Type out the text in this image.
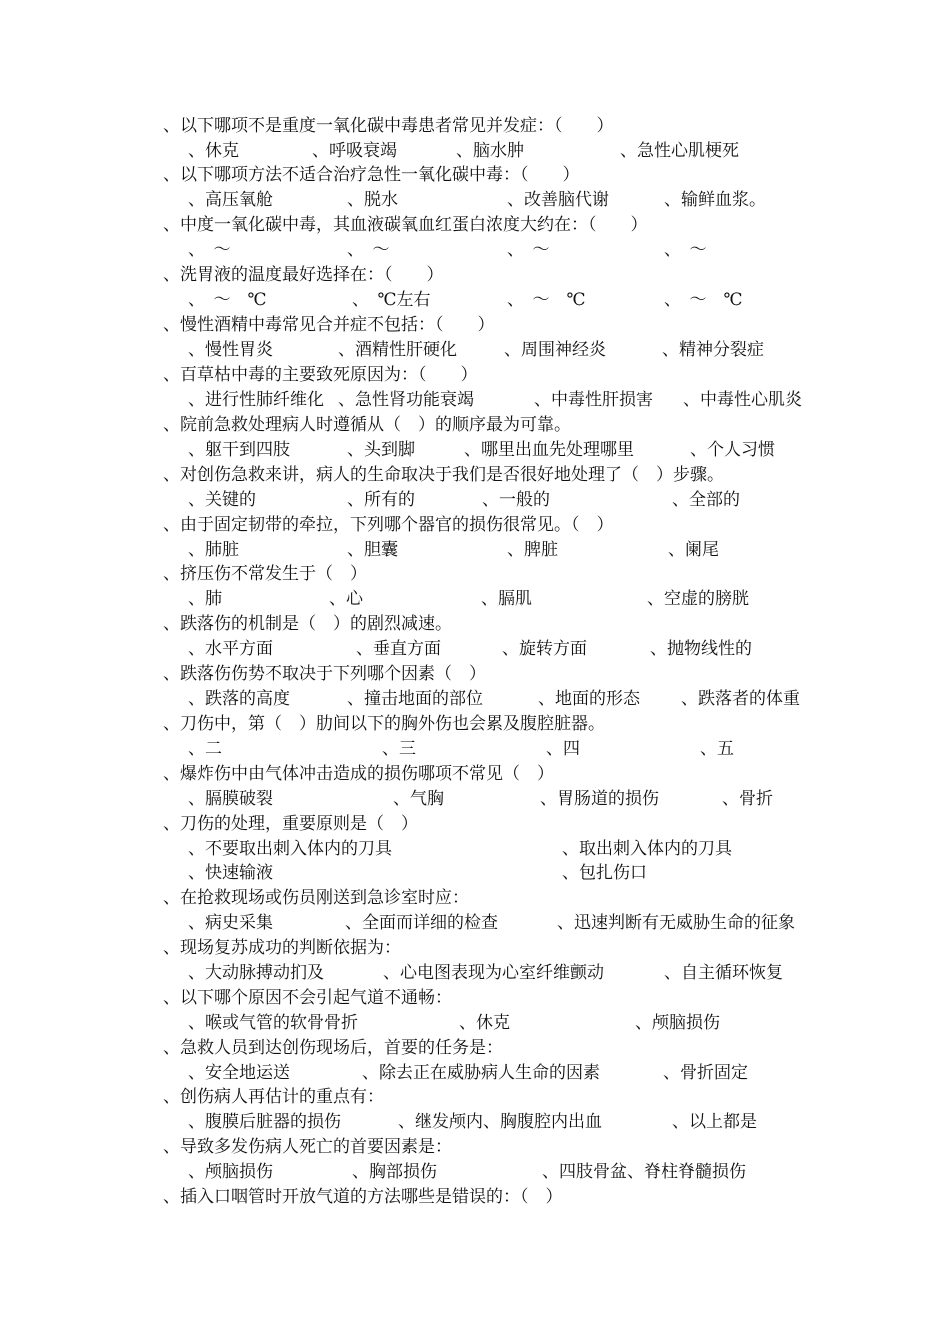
、以下哪项不是重度一氧化碳中毒患者常见并发症：（　　）
、休克	、呼吸衰竭	、脑水肿	、急性心肌梗死
、以下哪项方法不适合治疗急性一氧化碳中毒：（　　）
、高压氧舱	、脱水	、改善脑代谢	、输鲜血浆。
、中度一氧化碳中毒，其血液碳氧血红蛋白浓度大约在：（　　）
、　～	、　～	、　～	、　～
、洗胃液的温度最好选择在：（　　）
、　～　℃	、　℃左右	、　～　℃	、　～　℃
、慢性酒精中毒常见合并症不包括：（　　）
、慢性胃炎	、酒精性肝硬化	、周围神经炎	、精神分裂症
、百草枯中毒的主要致死原因为：（　　）
、进行性肺纤维化 、急性肾功能衰竭	、中毒性肝损害 、中毒性心肌炎
、院前急救处理病人时遵循从（　）的顺序最为可靠。
、躯干到四肢	、头到脚	、哪里出血先处理哪里	、个人习惯
、对创伤急救来讲，病人的生命取决于我们是否很好地处理了（　）步骤。
、关键的	、所有的	、一般的	、全部的
、由于固定韧带的牵拉，下列哪个器官的损伤很常见。（　）
、肺脏	、胆囊	、脾脏	、阑尾
、挤压伤不常发生于（　）
、肺	、心	、膈肌	、空虚的膀胱
、跌落伤的机制是（　）的剧烈减速。
、水平方面	、垂直方面	、旋转方面	、抛物线性的
、跌落伤伤势不取决于下列哪个因素（　）
、跌落的高度	、撞击地面的部位	、地面的形态 、跌落者的体重
、刀伤中，第（　）肋间以下的胸外伤也会累及腹腔脏器。
、二	、三	、四	、五
、爆炸伤中由气体冲击造成的损伤哪项不常见（　）
、膈膜破裂	、气胸	、胃肠道的损伤	、骨折
、刀伤的处理，重要原则是（　）
、不要取出刺入体内的刀具	、取出刺入体内的刀具
、快速输液	、包扎伤口
、在抢救现场或伤员刚送到急诊室时应：
、病史采集	、全面而详细的检查	、迅速判断有无威胁生命的征象
、现场复苏成功的判断依据为：
、大动脉搏动扪及	、心电图表现为心室纤维颤动	、自主循环恢复
、以下哪个原因不会引起气道不通畅：
、喉或气管的软骨骨折	、休克	、颅脑损伤
、急救人员到达创伤现场后，首要的任务是：
、安全地运送	、除去正在威胁病人生命的因素	、骨折固定
、创伤病人再估计的重点有：
、腹膜后脏器的损伤	、继发颅内、胸腹腔内出血	、以上都是
、导致多发伤病人死亡的首要因素是：
、颅脑损伤	、胸部损伤	、四肢骨盆、脊柱脊髓损伤
、插入口咽管时开放气道的方法哪些是错误的：（　）
